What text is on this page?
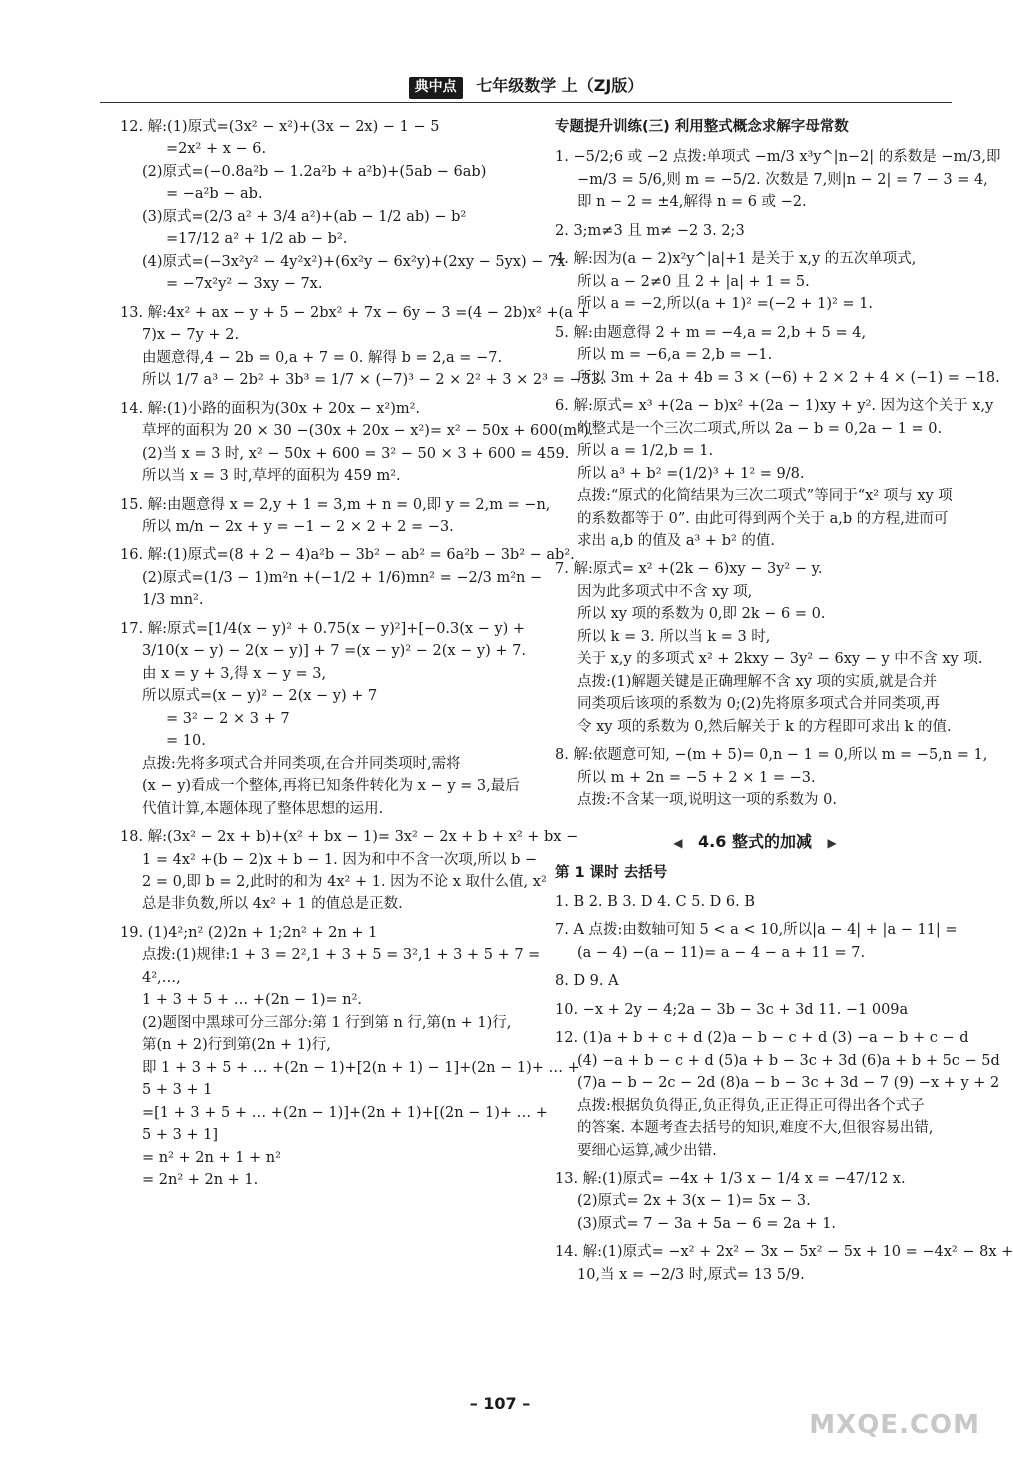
典中点 七年级数学 上（ZJ版）

12. 解:(1)原式=(3x² − x²)+(3x − 2x) − 1 − 5

=2x² + x − 6.

(2)原式=(−0.8a²b − 1.2a²b + a²b)+(5ab − 6ab)

= −a²b − ab.

(3)原式=(2/3 a² + 3/4 a²)+(ab − 1/2 ab) − b²

=17/12 a² + 1/2 ab − b².

(4)原式=(−3x²y² − 4y²x²)+(6x²y − 6x²y)+(2xy − 5yx) − 7x

= −7x²y² − 3xy − 7x.

13. 解:4x² + ax − y + 5 − 2bx² + 7x − 6y − 3 =(4 − 2b)x² +(a +

7)x − 7y + 2.

由题意得,4 − 2b = 0,a + 7 = 0. 解得 b = 2,a = −7.

所以 1/7 a³ − 2b² + 3b³ = 1/7 × (−7)³ − 2 × 2² + 3 × 2³ = −33.

14. 解:(1)小路的面积为(30x + 20x − x²)m².

草坪的面积为 20 × 30 −(30x + 20x − x²)= x² − 50x + 600(m²).

(2)当 x = 3 时, x² − 50x + 600 = 3² − 50 × 3 + 600 = 459.

所以当 x = 3 时,草坪的面积为 459 m².

15. 解:由题意得 x = 2,y + 1 = 3,m + n = 0,即 y = 2,m = −n,

所以 m/n − 2x + y = −1 − 2 × 2 + 2 = −3.

16. 解:(1)原式=(8 + 2 − 4)a²b − 3b² − ab² = 6a²b − 3b² − ab².

(2)原式=(1/3 − 1)m²n +(−1/2 + 1/6)mn² = −2/3 m²n −

1/3 mn².

17. 解:原式=[1/4(x − y)² + 0.75(x − y)²]+[−0.3(x − y) +

3/10(x − y) − 2(x − y)] + 7 =(x − y)² − 2(x − y) + 7.

由 x = y + 3,得 x − y = 3,

所以原式=(x − y)² − 2(x − y) + 7

= 3² − 2 × 3 + 7

= 10.

点拨:先将多项式合并同类项,在合并同类项时,需将

(x − y)看成一个整体,再将已知条件转化为 x − y = 3,最后

代值计算,本题体现了整体思想的运用.

18. 解:(3x² − 2x + b)+(x² + bx − 1)= 3x² − 2x + b + x² + bx −

1 = 4x² +(b − 2)x + b − 1. 因为和中不含一次项,所以 b −

2 = 0,即 b = 2,此时的和为 4x² + 1. 因为不论 x 取什么值, x²

总是非负数,所以 4x² + 1 的值总是正数.

19. (1)4²;n² (2)2n + 1;2n² + 2n + 1

点拨:(1)规律:1 + 3 = 2²,1 + 3 + 5 = 3²,1 + 3 + 5 + 7 =

4²,…,

1 + 3 + 5 + … +(2n − 1)= n².

(2)题图中黑球可分三部分:第 1 行到第 n 行,第(n + 1)行,

第(n + 2)行到第(2n + 1)行,

即 1 + 3 + 5 + … +(2n − 1)+[2(n + 1) − 1]+(2n − 1)+ … +

5 + 3 + 1

=[1 + 3 + 5 + … +(2n − 1)]+(2n + 1)+[(2n − 1)+ … +

5 + 3 + 1]

= n² + 2n + 1 + n²

= 2n² + 2n + 1.

专题提升训练(三) 利用整式概念求解字母常数

1. −5/2;6 或 −2 点拨:单项式 −m/3 x³y^|n−2| 的系数是 −m/3,即

−m/3 = 5/6,则 m = −5/2. 次数是 7,则|n − 2| = 7 − 3 = 4,

即 n − 2 = ±4,解得 n = 6 或 −2.

2. 3;m≠3 且 m≠ −2 3. 2;3

4. 解:因为(a − 2)x²y^|a|+1 是关于 x,y 的五次单项式,

所以 a − 2≠0 且 2 + |a| + 1 = 5.

所以 a = −2,所以(a + 1)² =(−2 + 1)² = 1.

5. 解:由题意得 2 + m = −4,a = 2,b + 5 = 4,

所以 m = −6,a = 2,b = −1.

所以 3m + 2a + 4b = 3 × (−6) + 2 × 2 + 4 × (−1) = −18.

6. 解:原式= x³ +(2a − b)x² +(2a − 1)xy + y². 因为这个关于 x,y

的整式是一个三次二项式,所以 2a − b = 0,2a − 1 = 0.

所以 a = 1/2,b = 1.

所以 a³ + b² =(1/2)³ + 1² = 9/8.

点拨:“原式的化简结果为三次二项式”等同于“x² 项与 xy 项

的系数都等于 0”. 由此可得到两个关于 a,b 的方程,进而可

求出 a,b 的值及 a³ + b² 的值.

7. 解:原式= x² +(2k − 6)xy − 3y² − y.

因为此多项式中不含 xy 项,

所以 xy 项的系数为 0,即 2k − 6 = 0.

所以 k = 3. 所以当 k = 3 时,

关于 x,y 的多项式 x² + 2kxy − 3y² − 6xy − y 中不含 xy 项.

点拨:(1)解题关键是正确理解不含 xy 项的实质,就是合并

同类项后该项的系数为 0;(2)先将原多项式合并同类项,再

令 xy 项的系数为 0,然后解关于 k 的方程即可求出 k 的值.

8. 解:依题意可知, −(m + 5)= 0,n − 1 = 0,所以 m = −5,n = 1,

所以 m + 2n = −5 + 2 × 1 = −3.

点拨:不含某一项,说明这一项的系数为 0.

◀ 4.6 整式的加减 ▶

第 1 课时 去括号

1. B 2. B 3. D 4. C 5. D 6. B

7. A 点拨:由数轴可知 5 < a < 10,所以|a − 4| + |a − 11| =

(a − 4) −(a − 11)= a − 4 − a + 11 = 7.

8. D 9. A

10. −x + 2y − 4;2a − 3b − 3c + 3d 11. −1 009a

12. (1)a + b + c + d (2)a − b − c + d (3) −a − b + c − d

(4) −a + b − c + d (5)a + b − 3c + 3d (6)a + b + 5c − 5d

(7)a − b − 2c − 2d (8)a − b − 3c + 3d − 7 (9) −x + y + 2

点拨:根据负负得正,负正得负,正正得正可得出各个式子

的答案. 本题考查去括号的知识,难度不大,但很容易出错,

要细心运算,减少出错.

13. 解:(1)原式= −4x + 1/3 x − 1/4 x = −47/12 x.

(2)原式= 2x + 3(x − 1)= 5x − 3.

(3)原式= 7 − 3a + 5a − 6 = 2a + 1.

14. 解:(1)原式= −x² + 2x² − 3x − 5x² − 5x + 10 = −4x² − 8x +

10,当 x = −2/3 时,原式= 13 5/9.

– 107 –
MXQE.COM
